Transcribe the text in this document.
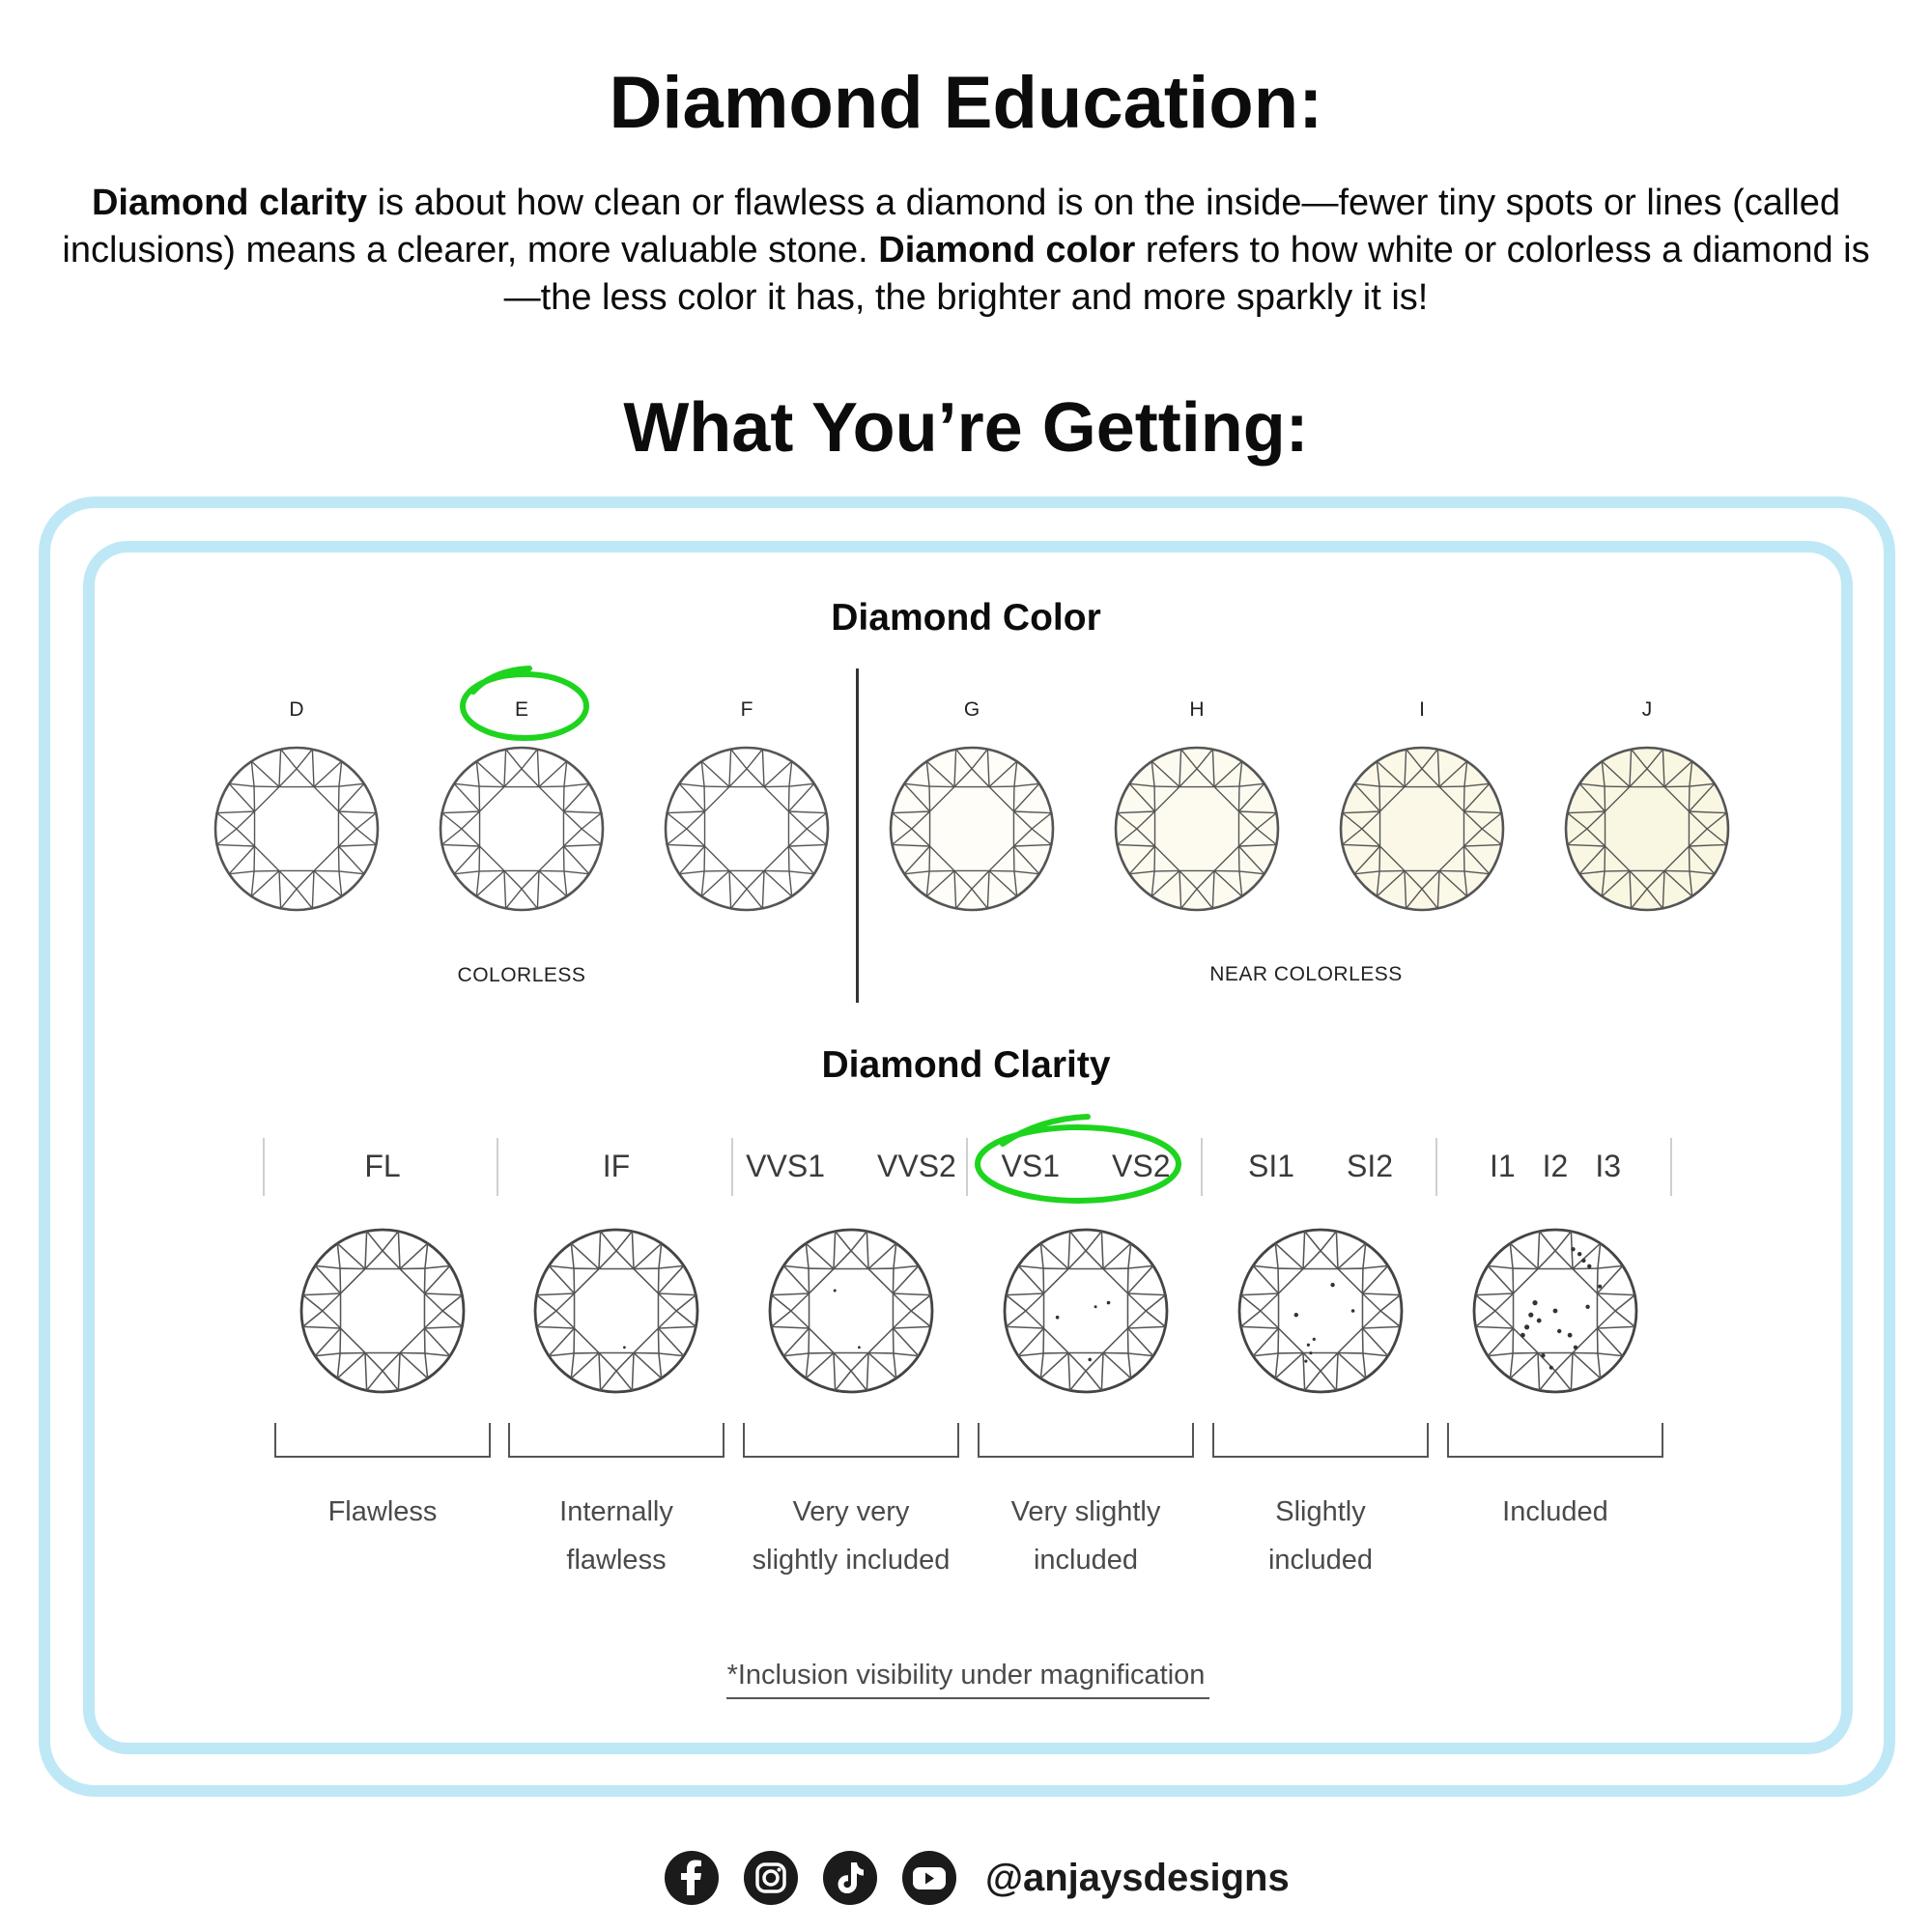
Diamond Education:

Diamond clarity is about how clean or flawless a diamond is on the inside—fewer tiny spots or lines (called inclusions) means a clearer, more valuable stone. Diamond color refers to how white or colorless a diamond is—the less color it has, the brighter and more sparkly it is!

What You’re Getting:
Diamond Color
D	E	F	G	H	I	J
COLORLESS	NEAR COLORLESS
Diamond Clarity
FL
Flawless
IF
Internally
flawless
VVS1 VVS2
Very very
slightly included
VS1 VS2
Very slightly
included
SI1 SI2
Slightly
included
I1 I2 I3
Included
*Inclusion visibility under magnification
@anjaysdesigns
